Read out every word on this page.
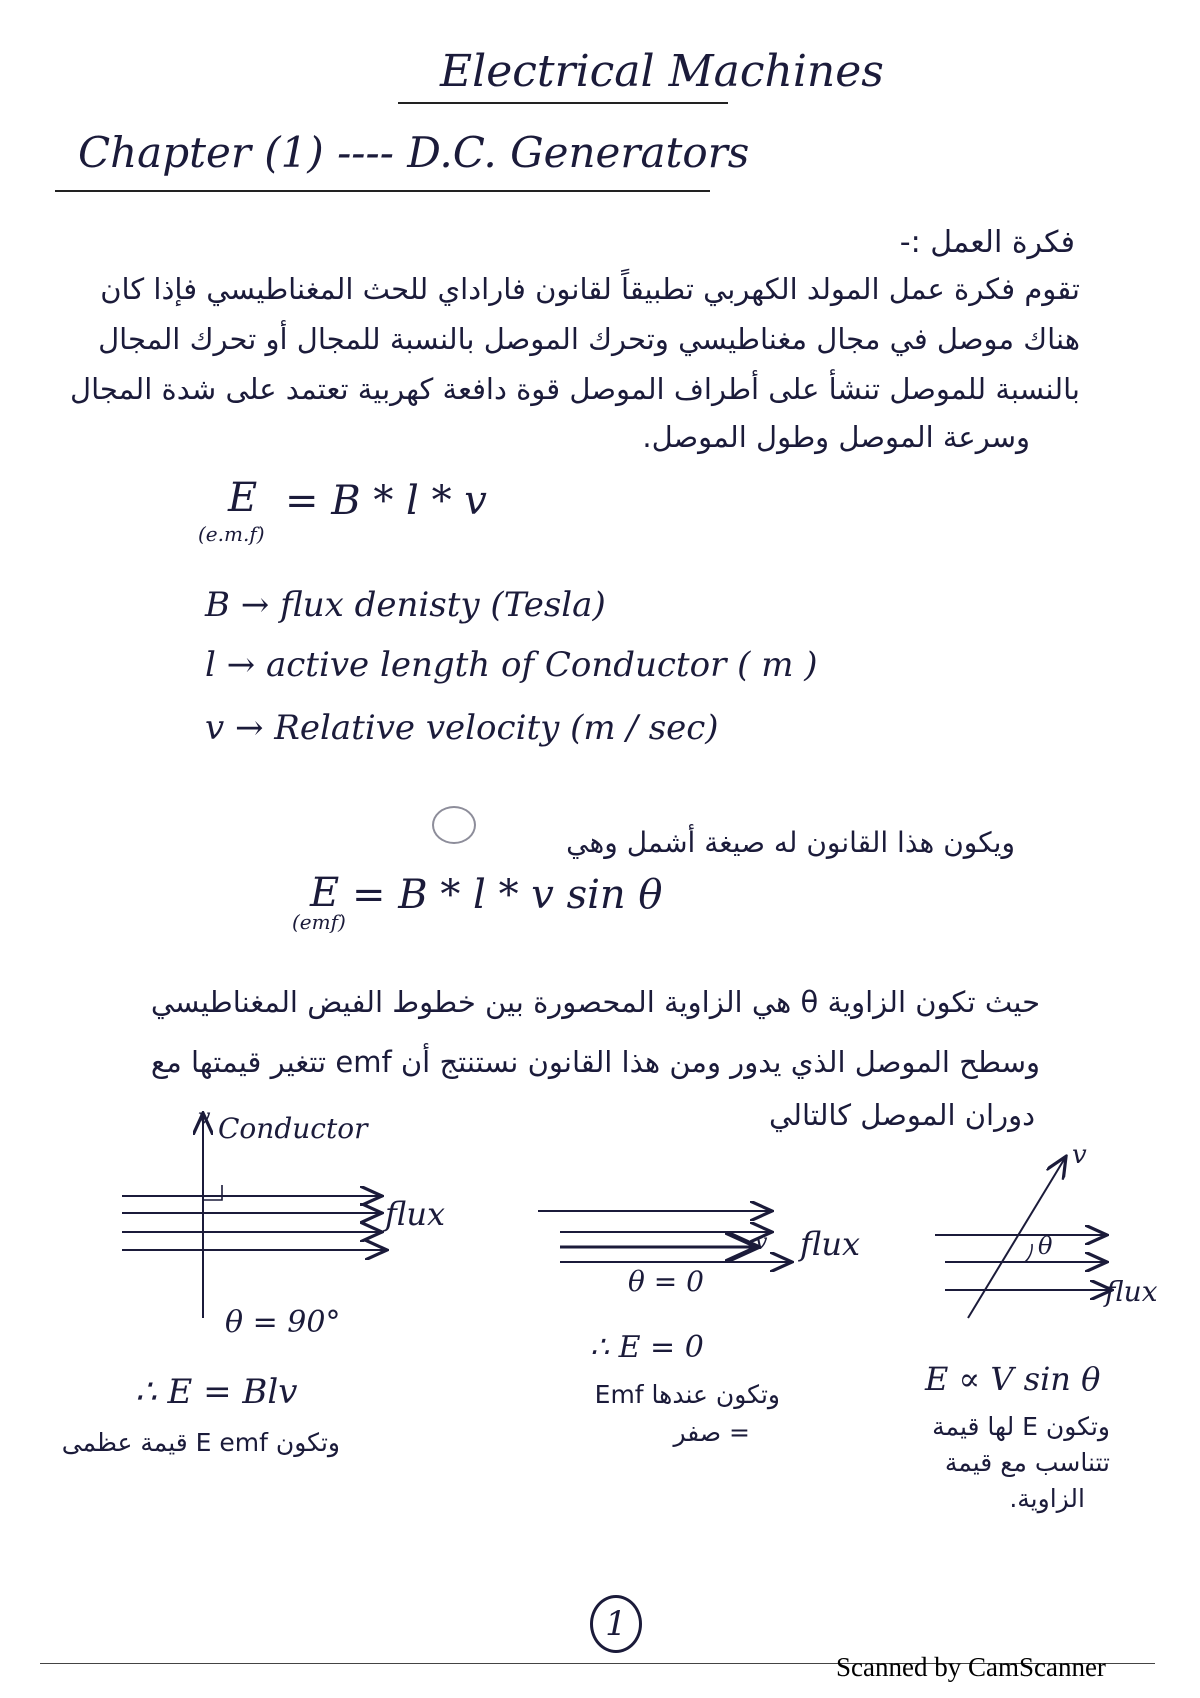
Electrical Machines
Chapter (1) ---- D.C. Generators
فكرة العمل :-
تقوم فكرة عمل المولد الكهربي تطبيقاً لقانون فاراداي للحث المغناطيسي فإذا كان
هناك موصل في مجال مغناطيسي وتحرك الموصل بالنسبة للمجال أو تحرك المجال
بالنسبة للموصل تنشأ على أطراف الموصل قوة دافعة كهربية تعتمد على شدة المجال
وسرعة الموصل وطول الموصل.
E
(e.m.f)
= B * l * v
B → flux denisty (Tesla)
l → active length of Conductor ( m )
v → Relative velocity (m / sec)
ويكون هذا القانون له صيغة أشمل وهي
E
(emf)
= B * l * v sin θ
حيث تكون الزاوية θ هي الزاوية المحصورة بين خطوط الفيض المغناطيسي
وسطح الموصل الذي يدور ومن هذا القانون نستنتج أن emf تتغير قيمتها مع
دوران الموصل كالتالي
v Conductor
flux
θ = 90°
∴ E = Blv
وتكون E emf قيمة عظمى
v flux
θ = 0
∴ E = 0
وتكون عندها Emf
= صفر
v
θ
flux
E ∝ V sin θ
وتكون E لها قيمة
تتناسب مع قيمة
الزاوية.
1
Scanned by CamScanner
